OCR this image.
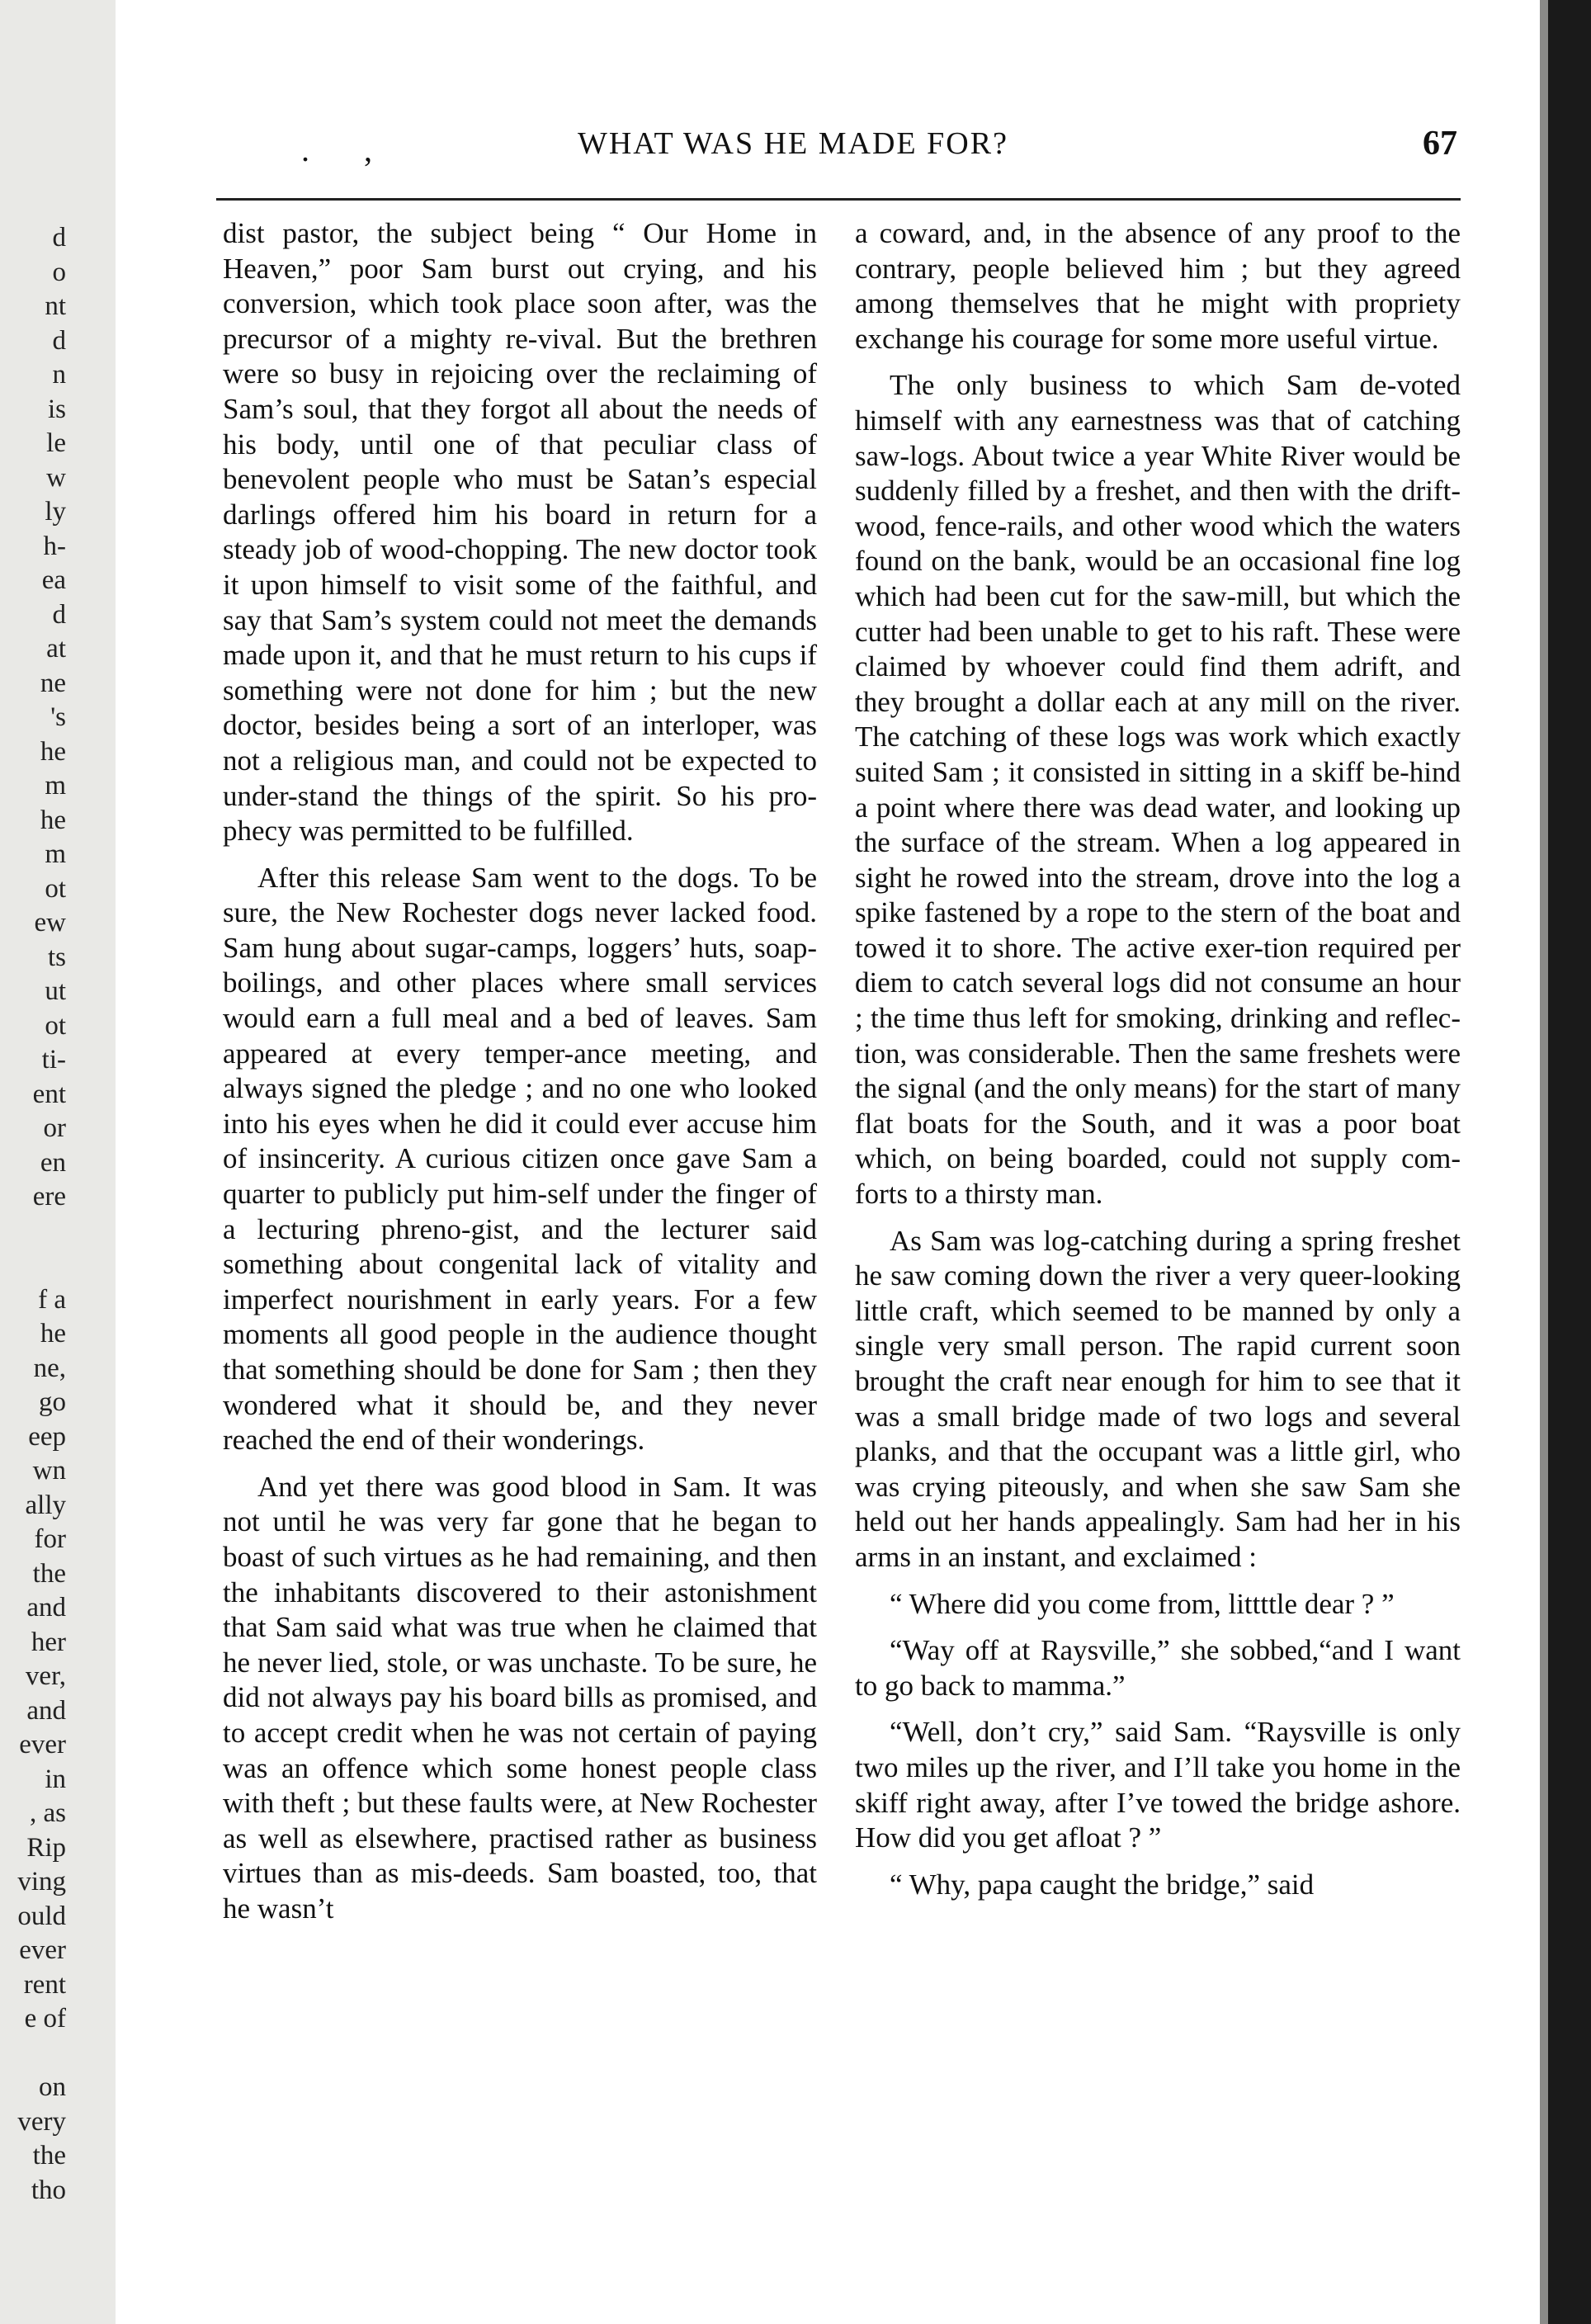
d
o
nt
d
n
is
le
w
ly
h-
ea
d
at
ne
's
he
m
he
m
ot
ew
ts
ut
ot
ti-
ent
or
en
ere

f a
he
ne,
go
eep
wn
ally
for
the
and
her
ver,
and
ever
in
, as
Rip
ving
ould
ever
rent
e of

on
very
the
tho
. ,	WHAT WAS HE MADE FOR?	67

dist pastor, the subject being “ Our Home in Heaven,” poor Sam burst out crying, and his conversion, which took place soon after, was the precursor of a mighty re-vival. But the brethren were so busy in rejoicing over the reclaiming of Sam’s soul, that they forgot all about the needs of his body, until one of that peculiar class of benevolent people who must be Satan’s especial darlings offered him his board in return for a steady job of wood-chopping. The new doctor took it upon himself to visit some of the faithful, and say that Sam’s system could not meet the demands made upon it, and that he must return to his cups if something were not done for him ; but the new doctor, besides being a sort of an interloper, was not a religious man, and could not be expected to under-stand the things of the spirit. So his pro-phecy was permitted to be fulfilled.

After this release Sam went to the dogs. To be sure, the New Rochester dogs never lacked food. Sam hung about sugar-camps, loggers’ huts, soap-boilings, and other places where small services would earn a full meal and a bed of leaves. Sam appeared at every temper-ance meeting, and always signed the pledge ; and no one who looked into his eyes when he did it could ever accuse him of insincerity. A curious citizen once gave Sam a quarter to publicly put him-self under the finger of a lecturing phreno-gist, and the lecturer said something about congenital lack of vitality and imperfect nourishment in early years. For a few moments all good people in the audience thought that something should be done for Sam ; then they wondered what it should be, and they never reached the end of their wonderings.

And yet there was good blood in Sam. It was not until he was very far gone that he began to boast of such virtues as he had remaining, and then the inhabitants discovered to their astonishment that Sam said what was true when he claimed that he never lied, stole, or was unchaste. To be sure, he did not always pay his board bills as promised, and to accept credit when he was not certain of paying was an offence which some honest people class with theft ; but these faults were, at New Rochester as well as elsewhere, practised rather as business virtues than as mis-deeds. Sam boasted, too, that he wasn’t

a coward, and, in the absence of any proof to the contrary, people believed him ; but they agreed among themselves that he might with propriety exchange his courage for some more useful virtue.

The only business to which Sam de-voted himself with any earnestness was that of catching saw-logs. About twice a year White River would be suddenly filled by a freshet, and then with the drift-wood, fence-rails, and other wood which the waters found on the bank, would be an occasional fine log which had been cut for the saw-mill, but which the cutter had been unable to get to his raft. These were claimed by whoever could find them adrift, and they brought a dollar each at any mill on the river. The catching of these logs was work which exactly suited Sam ; it consisted in sitting in a skiff be-hind a point where there was dead water, and looking up the surface of the stream. When a log appeared in sight he rowed into the stream, drove into the log a spike fastened by a rope to the stern of the boat and towed it to shore. The active exer-tion required per diem to catch several logs did not consume an hour ; the time thus left for smoking, drinking and reflec-tion, was considerable. Then the same freshets were the signal (and the only means) for the start of many flat boats for the South, and it was a poor boat which, on being boarded, could not supply com-forts to a thirsty man.

As Sam was log-catching during a spring freshet he saw coming down the river a very queer-looking little craft, which seemed to be manned by only a single very small person. The rapid current soon brought the craft near enough for him to see that it was a small bridge made of two logs and several planks, and that the occupant was a little girl, who was crying piteously, and when she saw Sam she held out her hands appealingly. Sam had her in his arms in an instant, and exclaimed :

“ Where did you come from, littttle dear ? ”

“Way off at Raysville,” she sobbed,“and I want to go back to mamma.”

“Well, don’t cry,” said Sam. “Raysville is only two miles up the river, and I’ll take you home in the skiff right away, after I’ve towed the bridge ashore. How did you get afloat ? ”

“ Why, papa caught the bridge,” said
